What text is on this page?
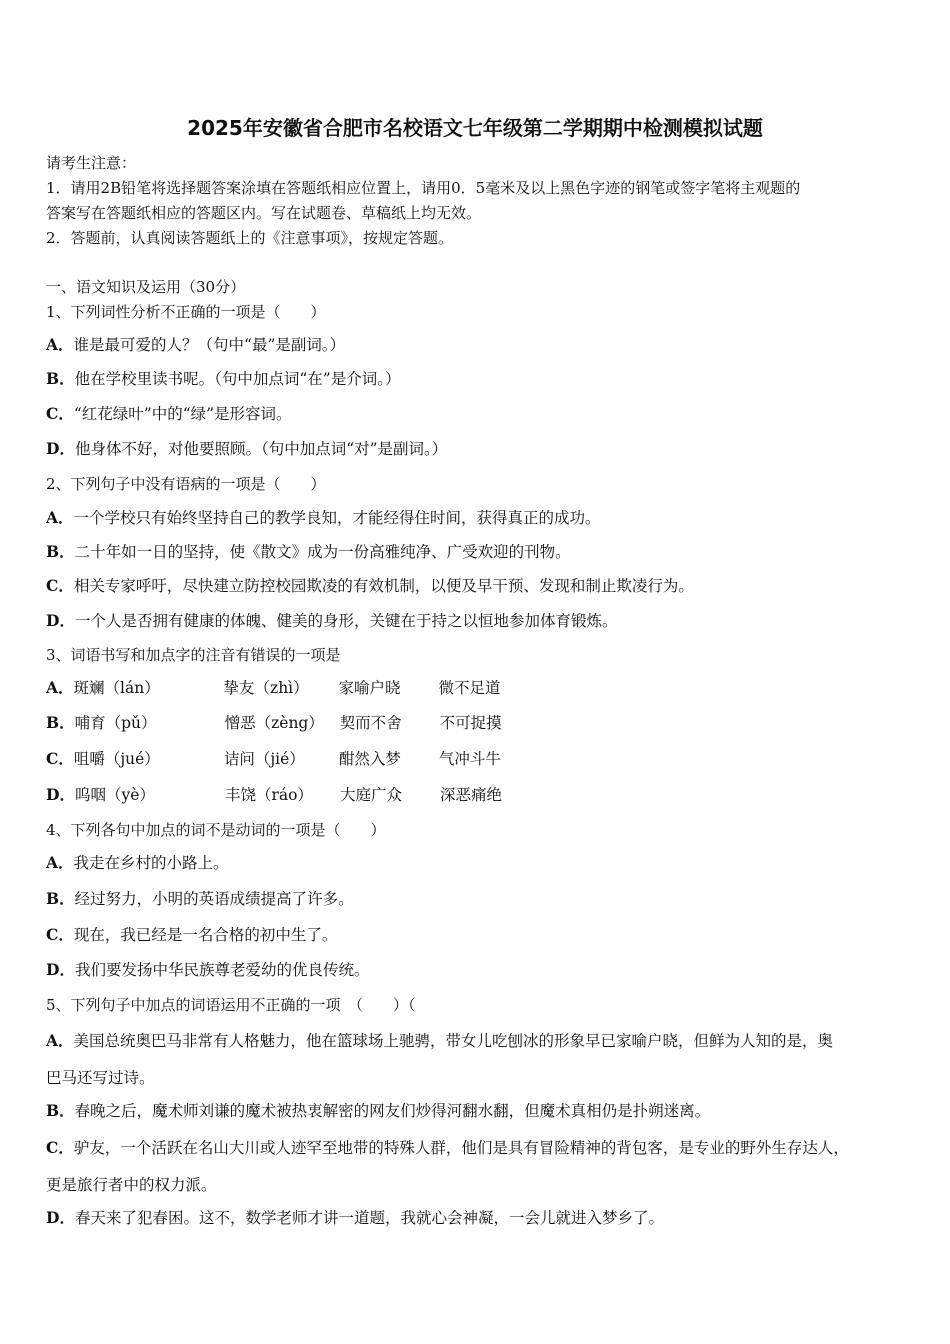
2025年安徽省合肥市名校语文七年级第二学期期中检测模拟试题
请考生注意：
1．请用2B铅笔将选择题答案涂填在答题纸相应位置上，请用0．5毫米及以上黑色字迹的钢笔或签字笔将主观题的
答案写在答题纸相应的答题区内。写在试题卷、草稿纸上均无效。
2．答题前，认真阅读答题纸上的《注意事项》，按规定答题。
一、语文知识及运用（30分）
1、下列词性分析不正确的一项是（　　）
A．谁是最可爱的人？（句中“最”是副词。）
B．他在学校里读书呢。（句中加点词“在”是介词。）
C．“红花绿叶”中的“绿”是形容词。
D．他身体不好，对他要照顾。（句中加点词“对”是副词。）
2、下列句子中没有语病的一项是（　　）
A．一个学校只有始终坚持自己的教学良知，才能经得住时间，获得真正的成功。
B．二十年如一日的坚持，使《散文》成为一份高雅纯净、广受欢迎的刊物。
C．相关专家呼吁，尽快建立防控校园欺凌的有效机制，以便及早干预、发现和制止欺凌行为。
D．一个人是否拥有健康的体魄、健美的身形，关键在于持之以恒地参加体育锻炼。
3、词语书写和加点字的注音有错误的一项是
A．斑斓（lán）	挚友（zhì） 家喻户晓 微不足道
B．哺育（pǔ）	憎恶（zèng） 契而不舍 不可捉摸
C．咀嚼（jué）	诘问（jié） 酣然入梦 气冲斗牛
D．呜咽（yè）	丰饶（ráo） 大庭广众 深恶痛绝
4、下列各句中加点的词不是动词的一项是（　　）
A．我走在乡村的小路上。
B．经过努力，小明的英语成绩提高了许多。
C．现在，我已经是一名合格的初中生了。
D．我们要发扬中华民族尊老爱幼的优良传统。
5、下列句子中加点的词语运用不正确的一项　（　　）（
A．美国总统奥巴马非常有人格魅力，他在篮球场上驰骋，带女儿吃刨冰的形象早已家喻户晓，但鲜为人知的是，奥
巴马还写过诗。
B．春晚之后，魔术师刘谦的魔术被热衷解密的网友们炒得河翻水翻，但魔术真相仍是扑朔迷离。
C．驴友，一个活跃在名山大川或人迹罕至地带的特殊人群，他们是具有冒险精神的背包客，是专业的野外生存达人，
更是旅行者中的权力派。
D．春天来了犯春困。这不，数学老师才讲一道题，我就心会神凝，一会儿就进入梦乡了。
